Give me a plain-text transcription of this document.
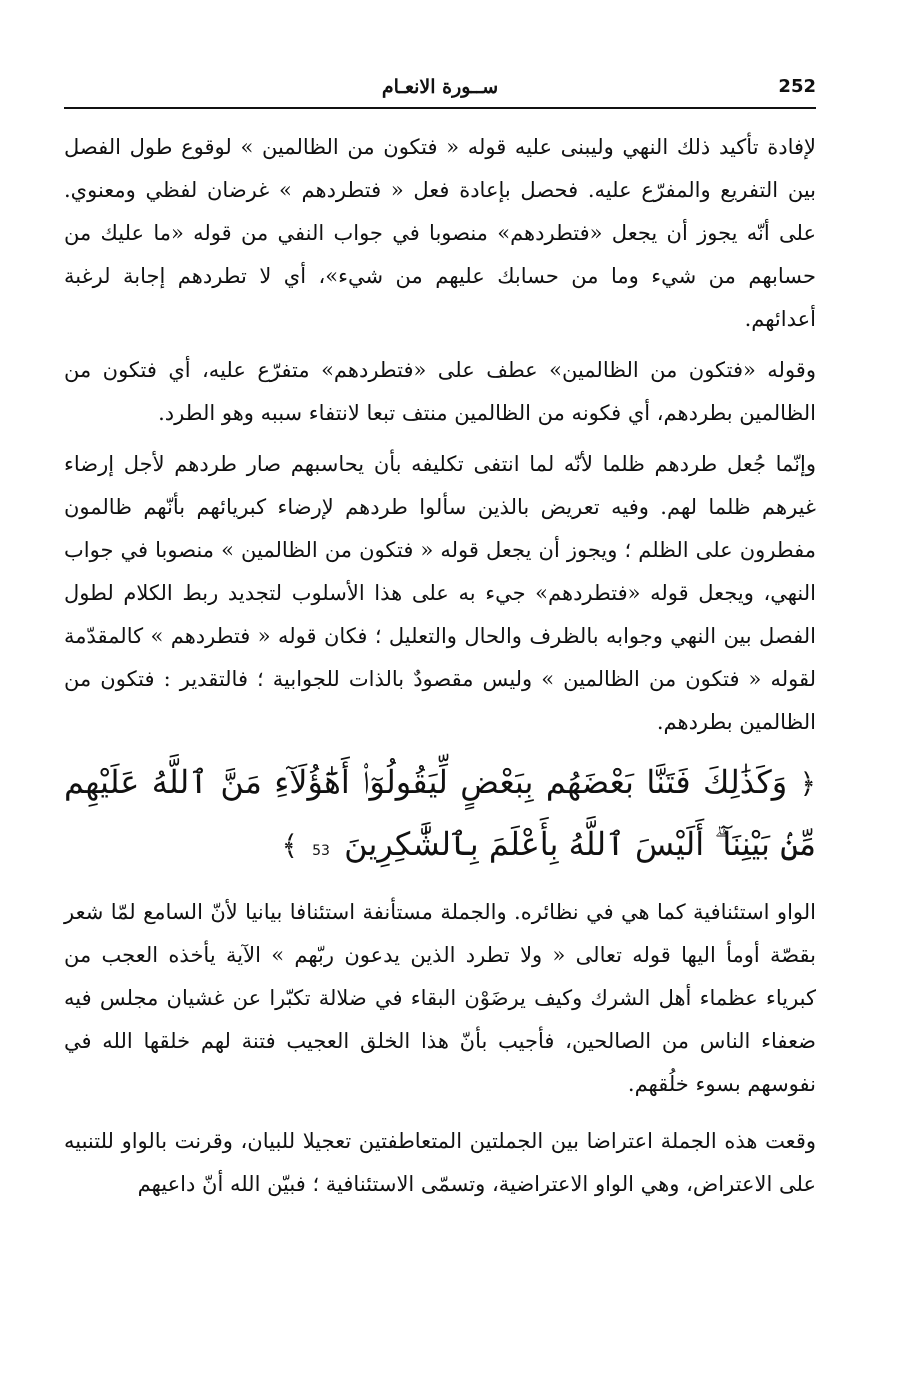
252
ســورة الانعـام

لإفادة تأكيد ذلك النهي وليبنى عليه قوله « فتكون من الظالمين » لوقوع طول الفصل بين التفريع والمفرّع عليه. فحصل بإعادة فعل « فتطردهم » غرضان لفظي ومعنوي. على أنّه يجوز أن يجعل «فتطردهم» منصوبا في جواب النفي من قوله «ما عليك من حسابهم من شيء وما من حسابك عليهم من شيء»، أي لا تطردهم إجابة لرغبة أعدائهم.

وقوله «فتكون من الظالمين» عطف على «فتطردهم» متفرّع عليه، أي فتكون من الظالمين بطردهم، أي فكونه من الظالمين منتف تبعا لانتفاء سببه وهو الطرد.

وإنّما جُعل طردهم ظلما لأنّه لما انتفى تكليفه بأن يحاسبهم صار طردهم لأجل إرضاء غيرهم ظلما لهم. وفيه تعريض بالذين سألوا طردهم لإرضاء كبريائهم بأنّهم ظالمون مفطرون على الظلم ؛ ويجوز أن يجعل قوله « فتكون من الظالمين » منصوبا في جواب النهي، ويجعل قوله «فتطردهم» جيء به على هذا الأسلوب لتجديد ربط الكلام لطول الفصل بين النهي وجوابه بالظرف والحال والتعليل ؛ فكان قوله « فتطردهم » كالمقدّمة لقوله « فتكون من الظالمين » وليس مقصودٌ بالذات للجوابية ؛ فالتقدير : فتكون من الظالمين بطردهم.

﴿ وَكَذَٰلِكَ فَتَنَّا بَعْضَهُم بِبَعْضٍ لِّيَقُولُوٓا۟ أَهَٰٓؤُلَآءِ مَنَّ ٱللَّهُ عَلَيْهِم مِّنۢ بَيْنِنَآ ۗ أَلَيْسَ ٱللَّهُ بِأَعْلَمَ بِٱلشَّٰكِرِينَ 53 ﴾

الواو استئنافية كما هي في نظائره. والجملة مستأنفة استئنافا بيانيا لأنّ السامع لمّا شعر بقصّة أومأ اليها قوله تعالى « ولا تطرد الذين يدعون ربّهم » الآية يأخذه العجب من كبرياء عظماء أهل الشرك وكيف يرضَوْن البقاء في ضلالة تكبّرا عن غشيان مجلس فيه ضعفاء الناس من الصالحين، فأجيب بأنّ هذا الخلق العجيب فتنة لهم خلقها الله في نفوسهم بسوء خلُقهم.

وقعت هذه الجملة اعتراضا بين الجملتين المتعاطفتين تعجيلا للبيان، وقرنت بالواو للتنبيه على الاعتراض، وهي الواو الاعتراضية، وتسمّى الاستئنافية ؛ فبيّن الله أنّ داعيهم
